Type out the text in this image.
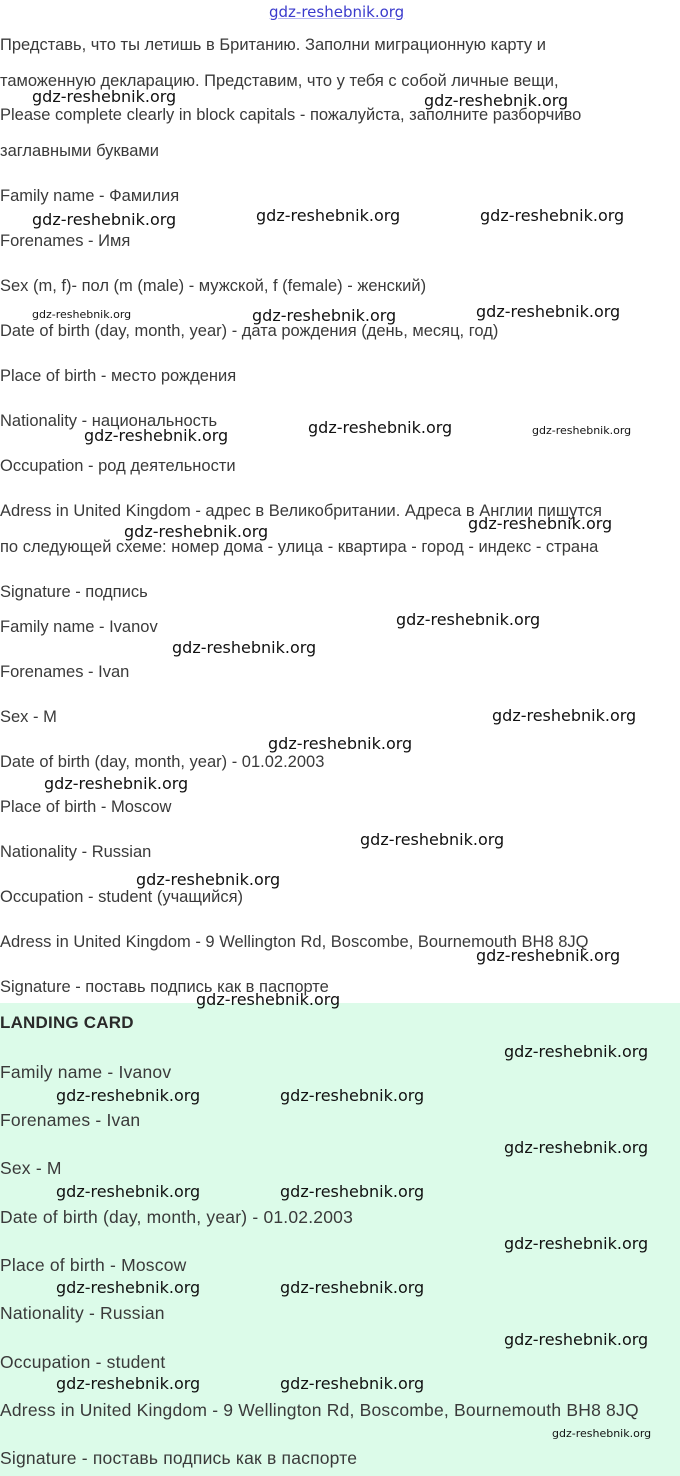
gdz-reshebnik.org
Представь, что ты летишь в Британию. Заполни миграционную карту и
таможенную декларацию. Представим, что у тебя с собой личные вещи,
Please complete clearly in block capitals - пожалуйста, заполните разборчиво
заглавными буквами
Family name - Фамилия
Forenames - Имя
Sex (m, f)- пол (m (male) - мужской, f (female) - женский)
Date of birth (day, month, year) - дата рождения (день, месяц, год)
Place of birth - место рождения
Nationality - национальность
Occupation - род деятельности
Adress in United Kingdom - адрес в Великобритании. Адреса в Англии пишутся
по следующей схеме: номер дома - улица - квартира - город - индекс - страна
Signature - подпись
Family name - Ivanov
Forenames - Ivan
Sex - M
Date of birth (day, month, year) - 01.02.2003
Place of birth - Moscow
Nationality - Russian
Occupation - student (учащийся)
Adress in United Kingdom - 9 Wellington Rd, Boscombe, Bournemouth BH8 8JQ
Signature - поставь подпись как в паспорте
LANDING CARD
Family name - Ivanov
Forenames - Ivan
Sex - M
Date of birth (day, month, year) - 01.02.2003
Place of birth - Moscow
Nationality - Russian
Occupation - student
Adress in United Kingdom - 9 Wellington Rd, Boscombe, Bournemouth BH8 8JQ
Signature - поставь подпись как в паспорте
gdz-reshebnik.org	gdz-reshebnik.org
gdz-reshebnik.org	gdz-reshebnik.org	gdz-reshebnik.org
gdz-reshebnik.org	gdz-reshebnik.org	gdz-reshebnik.org
gdz-reshebnik.org	gdz-reshebnik.org	gdz-reshebnik.org
gdz-reshebnik.org	gdz-reshebnik.org
gdz-reshebnik.org
gdz-reshebnik.org
gdz-reshebnik.org
gdz-reshebnik.org
gdz-reshebnik.org
gdz-reshebnik.org
gdz-reshebnik.org
gdz-reshebnik.org
gdz-reshebnik.org
gdz-reshebnik.org
gdz-reshebnik.org	gdz-reshebnik.org
gdz-reshebnik.org
gdz-reshebnik.org	gdz-reshebnik.org
gdz-reshebnik.org
gdz-reshebnik.org	gdz-reshebnik.org
gdz-reshebnik.org
gdz-reshebnik.org	gdz-reshebnik.org
gdz-reshebnik.org
